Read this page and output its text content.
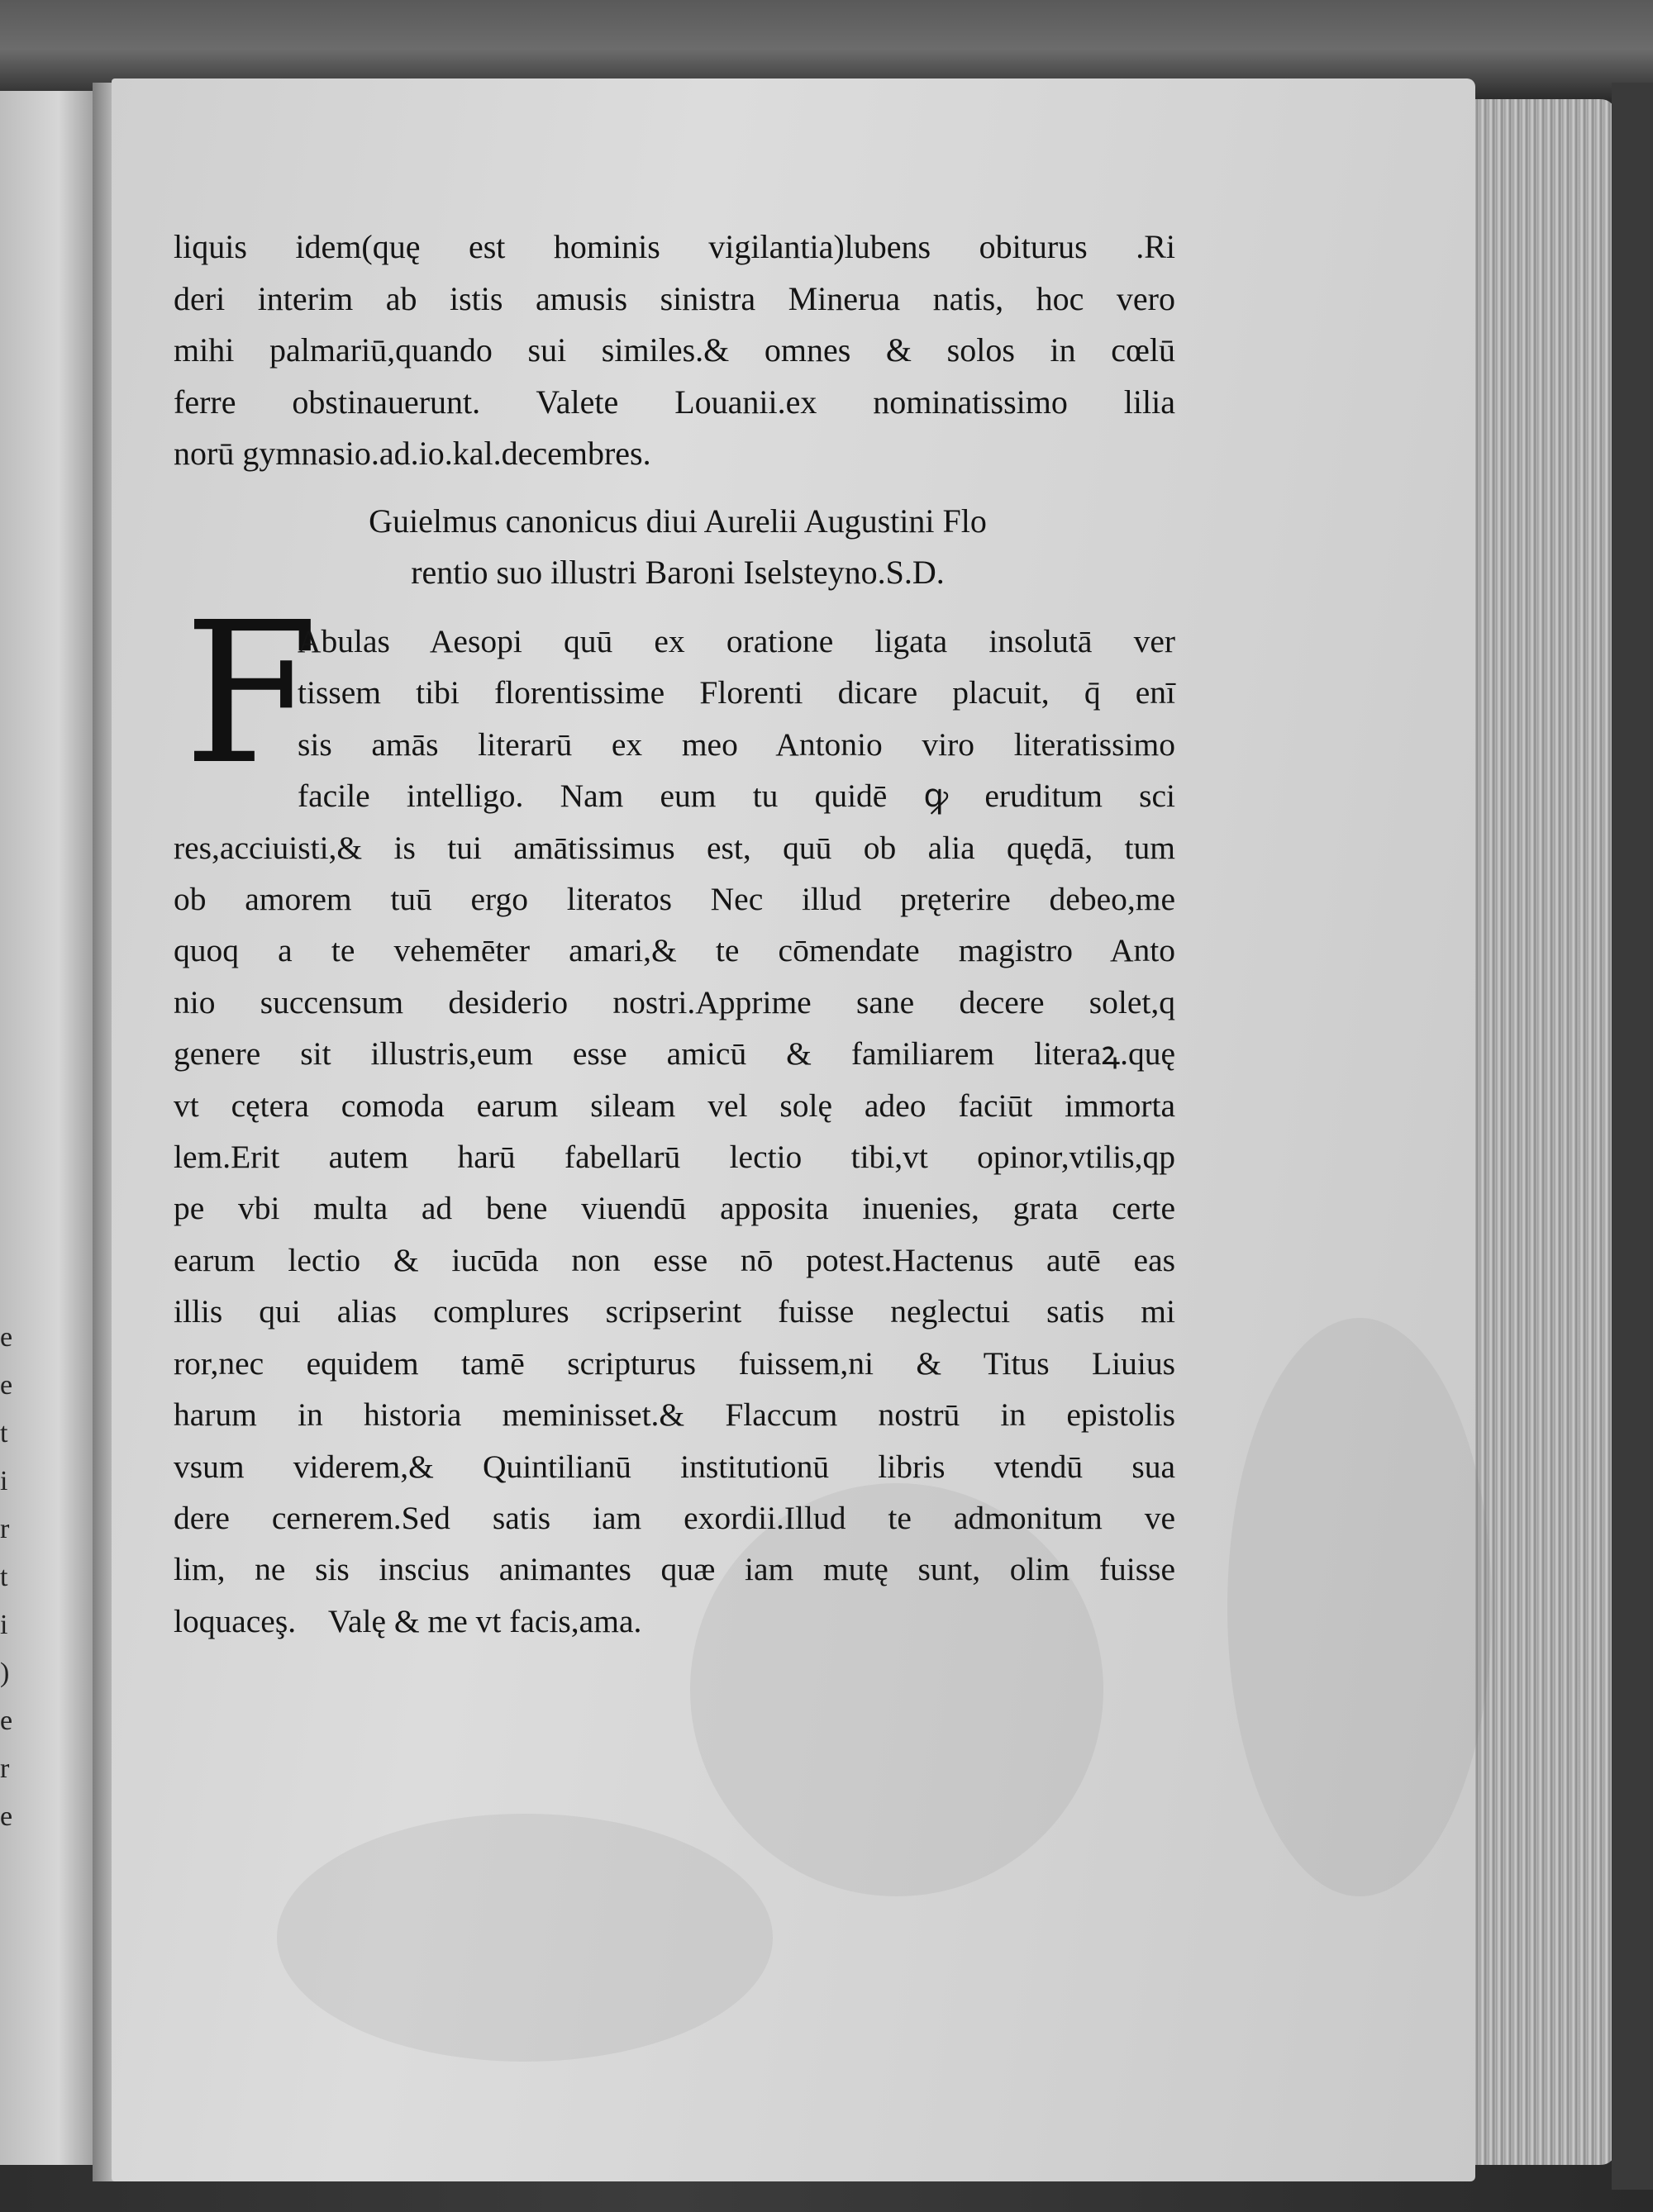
e
e
t
i
r
t
i
)
e
r
e
liquis idem(quę est hominis vigilantia)lubens obiturus .Ri
deri interim ab istis amusis sinistra Minerua natis, hoc vero
mihi palmariū,quando sui similes.& omnes & solos in cœlū
ferre obstinauerunt. Valete Louanii.ex nominatissimo lilia
norū gymnasio.ad.io.kal.decembres.
Guielmus canonicus diui Aurelii Augustini Flo
rentio suo illustri Baroni Iselsteyno.S.D.
F
Abulas Aesopi quū ex oratione ligata insolutā ver
tissem tibi florentissime Florenti dicare placuit, q̄ enī
sis amās literarū ex meo Antonio viro literatissimo
facile intelligo. Nam eum tu quidē ꝙ eruditum sci
res,acciuisti,& is tui amātissimus est, quū ob alia quędā, tum
ob amorem tuū ergo literatos Nec illud pręterire debeo,me
quoq a te vehemēter amari,& te cōmendate magistro Anto
nio succensum desiderio nostri.Apprime sane decere solet,q
genere sit illustris,eum esse amicū & familiarem literaꝝ.quę
vt cętera comoda earum sileam vel solę adeo faciūt immorta
lem.Erit autem harū fabellarū lectio tibi,vt opinor,vtilis,qp
pe vbi multa ad bene viuendū apposita inuenies, grata certe
earum lectio & iucūda non esse nō potest.Hactenus autē eas
illis qui alias complures scripserint fuisse neglectui satis mi
ror,nec equidem tamē scripturus fuissem,ni & Titus Liuius
harum in historia meminisset.& Flaccum nostrū in epistolis
vsum viderem,& Quintilianū institutionū libris vtendū sua
dere cernerem.Sed satis iam exordii.Illud te admonitum ve
lim, ne sis inscius animantes quæ iam mutę sunt, olim fuisse
loquaceş.    Valę & me vt facis,ama.
